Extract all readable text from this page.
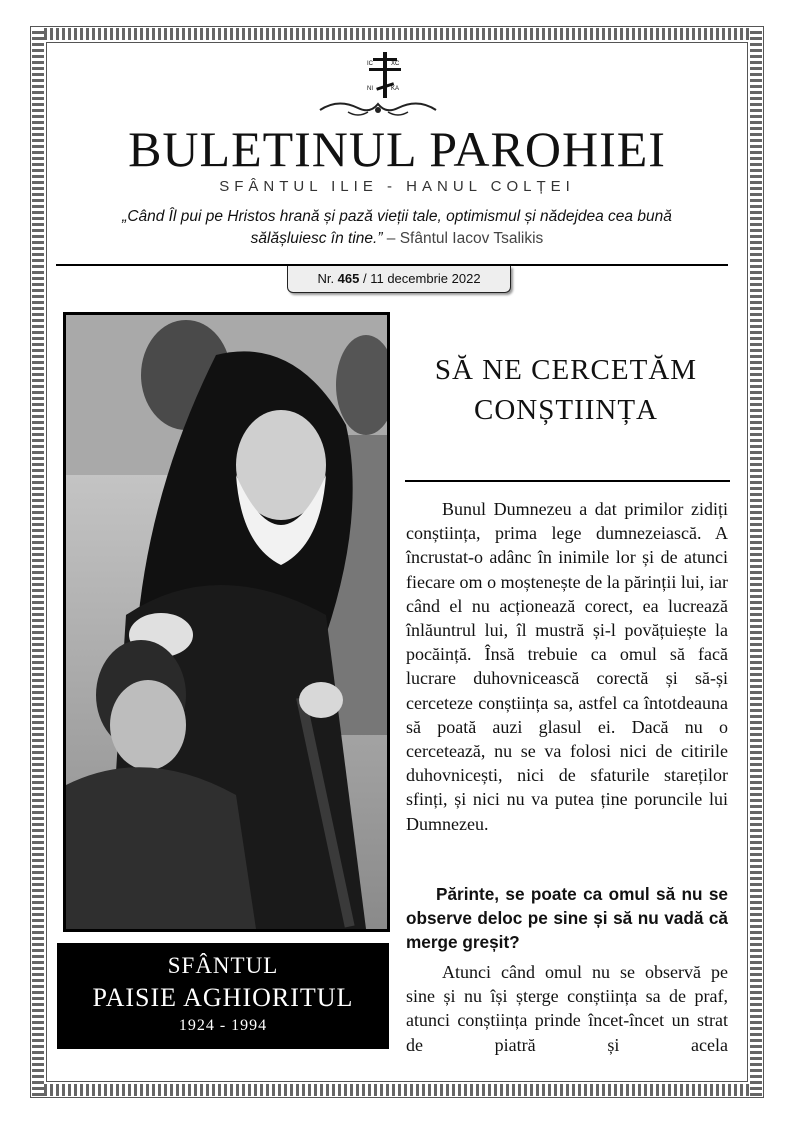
IC	XC
NI	KA
BULETINUL PAROHIEI
SFÂNTUL ILIE - HANUL COLȚEI
„Când Îl pui pe Hristos hrană și pază vieții tale, optimismul și nădejdea cea bună sălășluiesc în tine.” – Sfântul Iacov Tsalikis
Nr. 465 / 11 decembrie 2022
SFÂNTUL
PAISIE AGHIORITUL
1924 - 1994
SĂ NE CERCETĂM
CONȘTIINȚA
Bunul Dumnezeu a dat primilor zidiți conștiința, prima lege dumnezeiască. A încrustat-o adânc în inimile lor și de atunci fiecare om o moștenește de la părinții lui, iar când el nu acționează corect, ea lucrează înlăuntrul lui, îl mustră și-l povățuiește la pocăință. Însă trebuie ca omul să facă lucrare duhovnicească corectă și să-și cerceteze conștiința sa, astfel ca întotdeauna să poată auzi glasul ei. Dacă nu o cercetează, nu se va folosi nici de citirile duhovnicești, nici de sfaturile stareților sfinți, și nici nu va putea ține poruncile lui Dumnezeu.
Părinte, se poate ca omul să nu se observe deloc pe sine și să nu vadă că merge greșit?
Atunci când omul nu se observă pe sine și nu își șterge conștiința sa de praf, atunci conștiința prinde încet-încet un strat de piatră și acela
